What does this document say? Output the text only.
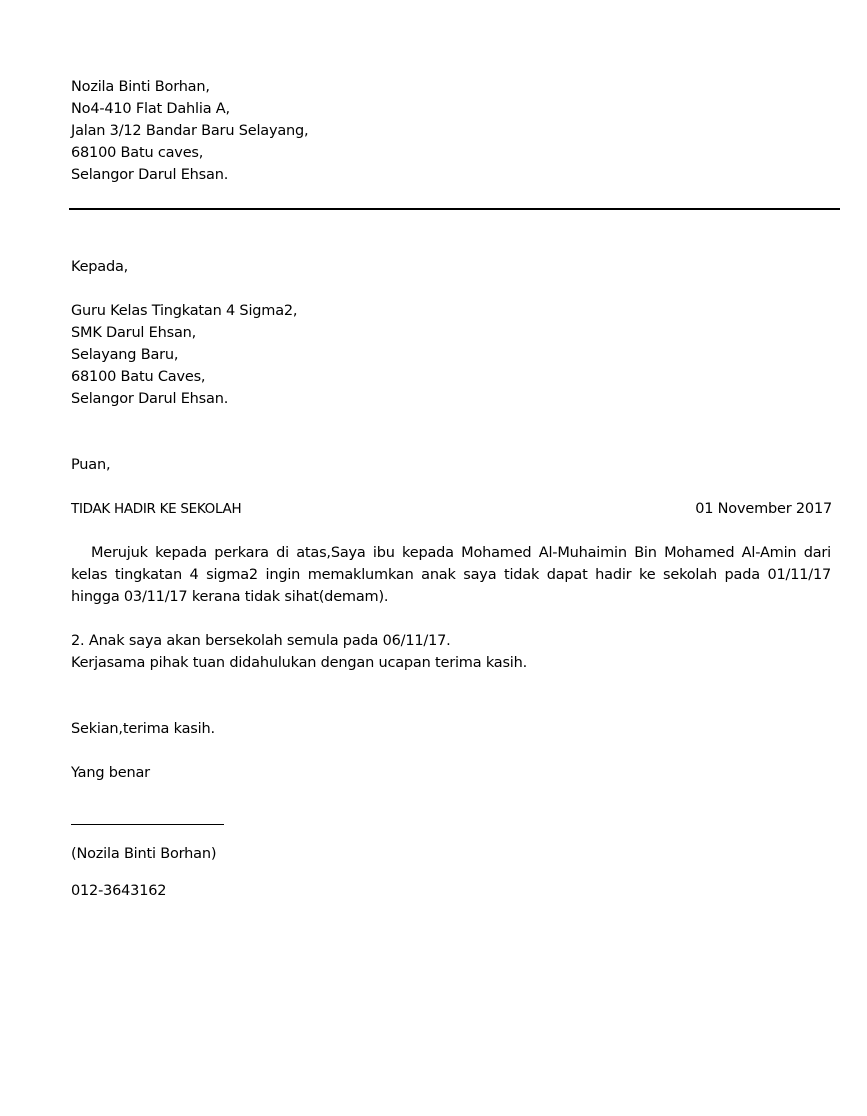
Nozila Binti Borhan,
No4-410 Flat Dahlia A,
Jalan 3/12 Bandar Baru Selayang,
68100 Batu caves,
Selangor Darul Ehsan.
Kepada,
Guru Kelas Tingkatan 4 Sigma2,
SMK Darul Ehsan,
Selayang Baru,
68100 Batu Caves,
Selangor Darul Ehsan.
Puan,
TIDAK HADIR KE SEKOLAH	01 November 2017
Merujuk kepada perkara di atas,Saya ibu kepada Mohamed Al-Muhaimin Bin Mohamed Al-Amin dari kelas tingkatan 4 sigma2 ingin memaklumkan anak saya tidak dapat hadir ke sekolah pada 01/11/17 hingga 03/11/17 kerana tidak sihat(demam).
2. Anak saya akan bersekolah semula pada 06/11/17.
Kerjasama pihak tuan didahulukan dengan ucapan terima kasih.
Sekian,terima kasih.
Yang benar
(Nozila Binti Borhan)
012-3643162
